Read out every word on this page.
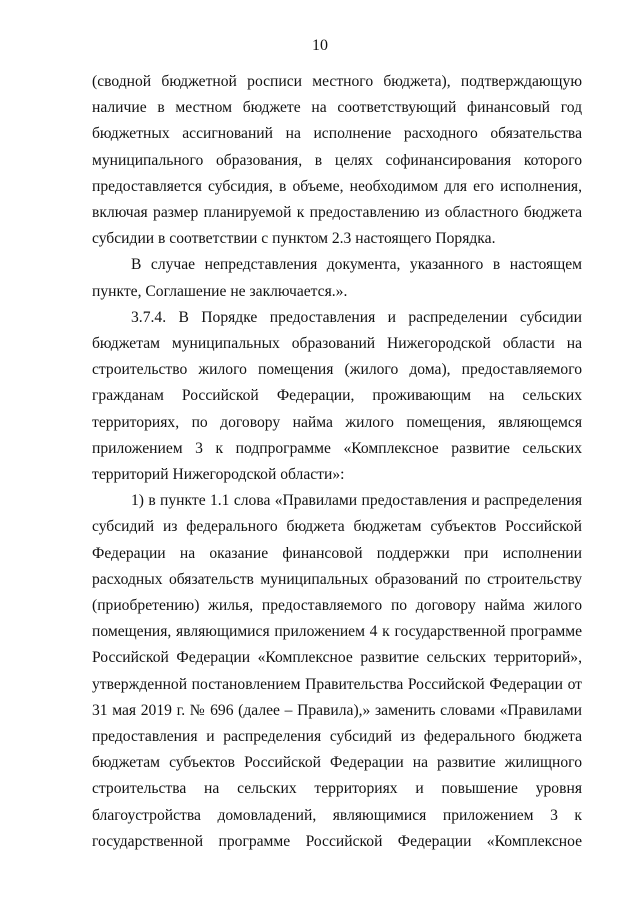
10

(сводной бюджетной росписи местного бюджета), подтверждающую наличие в местном бюджете на соответствующий финансовый год бюджетных ассигнований на исполнение расходного обязательства муниципального образования, в целях софинансирования которого предоставляется субсидия, в объеме, необходимом для его исполнения, включая размер планируемой к предоставлению из областного бюджета субсидии в соответствии с пунктом 2.3 настоящего Порядка.

В случае непредставления документа, указанного в настоящем пункте, Соглашение не заключается.».

3.7.4. В Порядке предоставления и распределении субсидии бюджетам муниципальных образований Нижегородской области на строительство жилого помещения (жилого дома), предоставляемого гражданам Российской Федерации, проживающим на сельских территориях, по договору найма жилого помещения, являющемся приложением 3 к подпрограмме «Комплексное развитие сельских территорий Нижегородской области»:

1) в пункте 1.1 слова «Правилами предоставления и распределения субсидий из федерального бюджета бюджетам субъектов Российской Федерации на оказание финансовой поддержки при исполнении расходных обязательств муниципальных образований по строительству (приобретению) жилья, предоставляемого по договору найма жилого помещения, являющимися приложением 4 к государственной программе Российской Федерации «Комплексное развитие сельских территорий», утвержденной постановлением Правительства Российской Федерации от 31 мая 2019 г. № 696 (далее – Правила),» заменить словами «Правилами предоставления и распределения субсидий из федерального бюджета бюджетам субъектов Российской Федерации на развитие жилищного строительства на сельских территориях и повышение уровня благоустройства домовладений, являющимися приложением 3 к государственной программе Российской Федерации «Комплексное
